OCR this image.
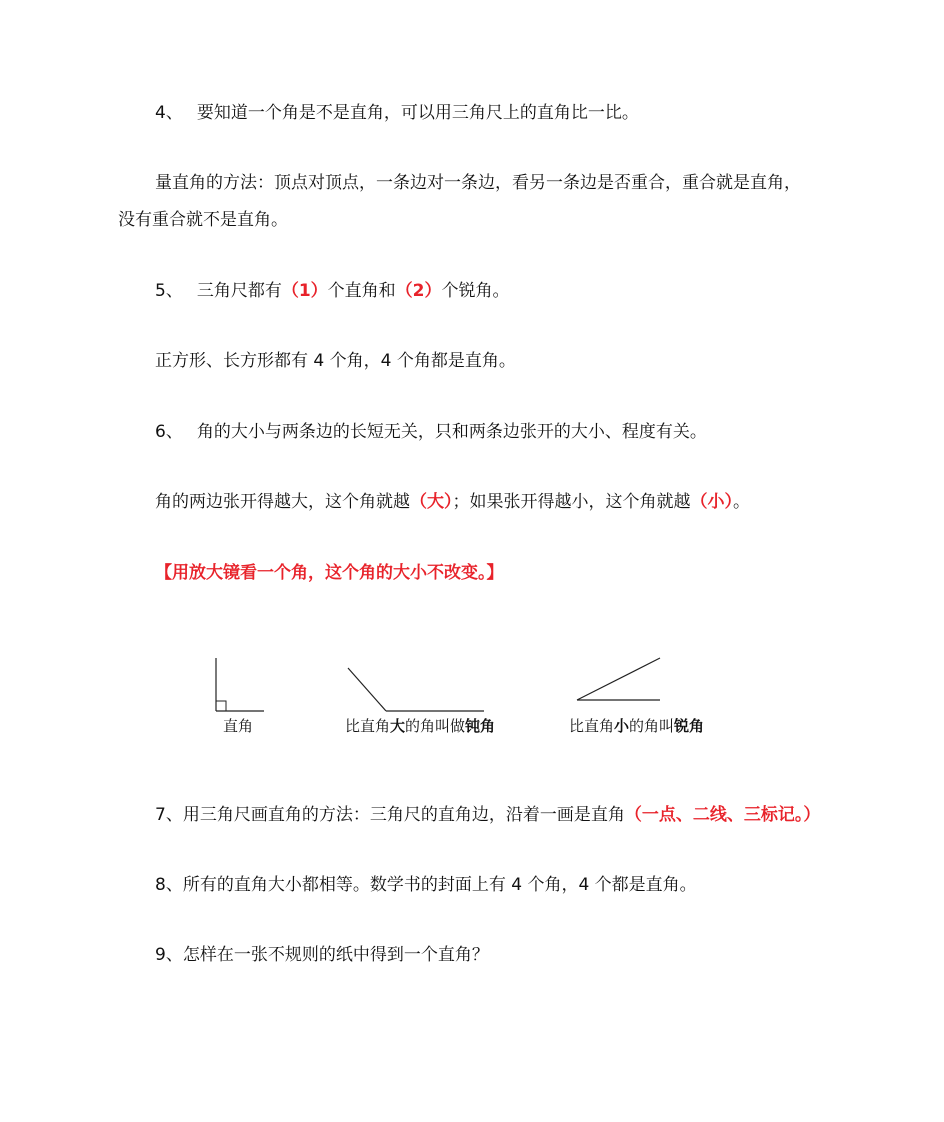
4、 要知道一个角是不是直角，可以用三角尺上的直角比一比。
量直角的方法：顶点对顶点，一条边对一条边，看另一条边是否重合，重合就是直角，
没有重合就不是直角。
5、 三角尺都有（1）个直角和（2）个锐角。
正方形、长方形都有 4 个角，4 个角都是直角。
6、 角的大小与两条边的长短无关，只和两条边张开的大小、程度有关。
角的两边张开得越大，这个角就越（大）；如果张开得越小，这个角就越（小）。
【用放大镜看一个角，这个角的大小不改变。】
直角	比直角大的角叫做钝角	比直角小的角叫锐角
7、用三角尺画直角的方法：三角尺的直角边，沿着一画是直角（一点、二线、三标记。）
8、所有的直角大小都相等。数学书的封面上有 4 个角，4 个都是直角。
9、怎样在一张不规则的纸中得到一个直角？
